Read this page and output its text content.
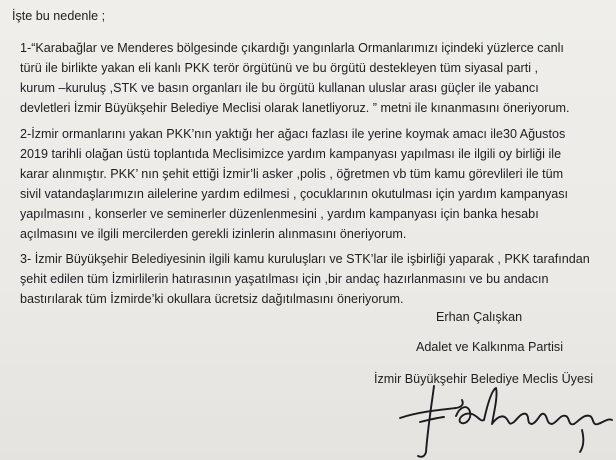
İşte bu nedenle ;
1-“Karabağlar ve Menderes bölgesinde çıkardığı yangınlarla Ormanlarımızı içindeki yüzlerce canlı
türü ile birlikte yakan eli kanlı PKK terör örgütünü ve bu örgütü destekleyen tüm siyasal parti ,
kurum –kuruluş ,STK ve basın organları ile bu örgütü kullanan uluslar arası güçler ile yabancı
devletleri İzmir Büyükşehir Belediye Meclisi olarak lanetliyoruz. ” metni ile kınanmasını öneriyorum.
2-İzmir ormanlarını yakan PKK’nın yaktığı her ağacı fazlası ile yerine koymak amacı ile30 Ağustos
2019 tarihli olağan üstü toplantıda Meclisimizce yardım kampanyası yapılması ile ilgili oy birliği ile
karar alınmıştır. PKK’ nın şehit ettiği İzmir’li asker ,polis , öğretmen vb tüm kamu görevlileri ile tüm
sivil vatandaşlarımızın ailelerine yardım edilmesi , çocuklarının okutulması için yardım kampanyası
yapılmasını , konserler ve seminerler düzenlenmesini , yardım kampanyası için banka hesabı
açılmasını ve ilgili mercilerden gerekli izinlerin alınmasını öneriyorum.
3- İzmir Büyükşehir Belediyesinin ilgili kamu kuruluşları ve STK’lar ile işbirliği yaparak , PKK tarafından
şehit edilen tüm İzmirlilerin hatırasının yaşatılması için ,bir andaç hazırlanmasını ve bu andacın
bastırılarak tüm İzmirde’ki okullara ücretsiz dağıtılmasını öneriyorum.
Erhan Çalışkan
Adalet ve Kalkınma Partisi
İzmir Büyükşehir Belediye Meclis Üyesi
